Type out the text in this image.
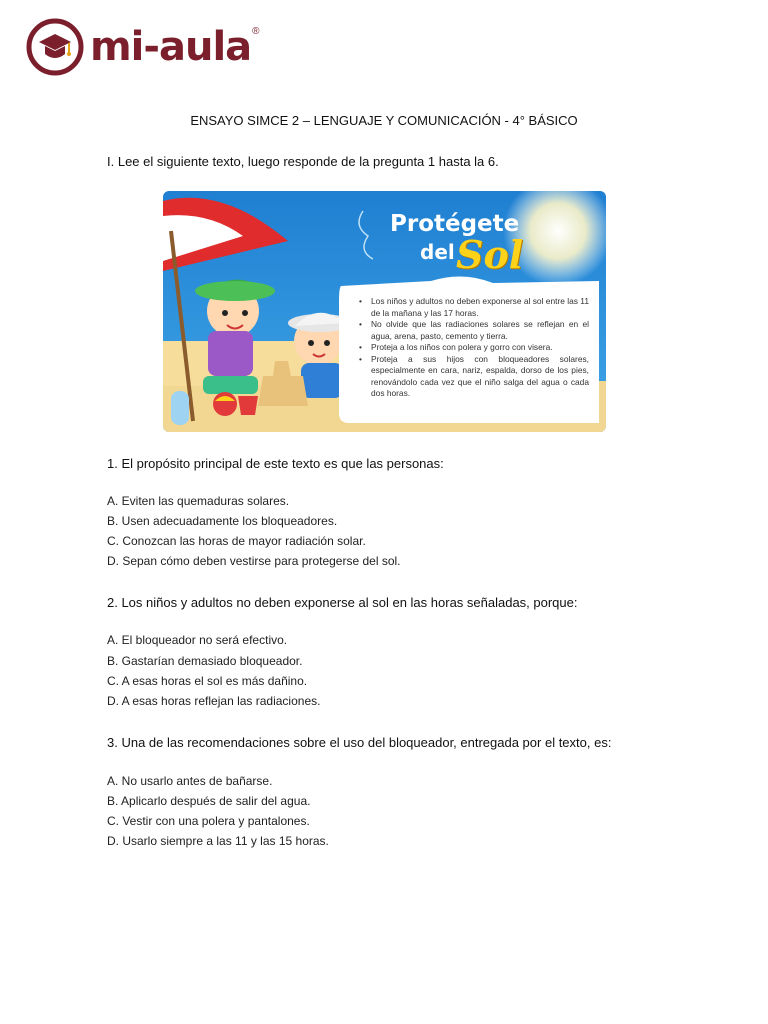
mi-aula ®
ENSAYO SIMCE 2 – LENGUAJE Y COMUNICACIÓN - 4° BÁSICO
I. Lee el siguiente texto, luego responde de la pregunta 1 hasta la 6.
Protégete
del Sol
• Los niños y adultos no deben exponerse al sol entre las 11 de la mañana y las 17 horas.
• No olvide que las radiaciones solares se reflejan en el agua, arena, pasto, cemento y tierra.
• Proteja a los niños con polera y gorro con visera.
• Proteja a sus hijos con bloqueadores solares, especialmente en cara, nariz, espalda, dorso de los pies, renovándolo cada vez que el niño salga del agua o cada dos horas.
1. El propósito principal de este texto es que las personas:
A. Eviten las quemaduras solares.
B. Usen adecuadamente los bloqueadores.
C. Conozcan las horas de mayor radiación solar.
D. Sepan cómo deben vestirse para protegerse del sol.
2. Los niños y adultos no deben exponerse al sol en las horas señaladas, porque:
A. El bloqueador no será efectivo.
B. Gastarían demasiado bloqueador.
C. A esas horas el sol es más dañino.
D. A esas horas reflejan las radiaciones.
3. Una de las recomendaciones sobre el uso del bloqueador, entregada por el texto, es:
A. No usarlo antes de bañarse.
B. Aplicarlo después de salir del agua.
C. Vestir con una polera y pantalones.
D. Usarlo siempre a las 11 y las 15 horas.
